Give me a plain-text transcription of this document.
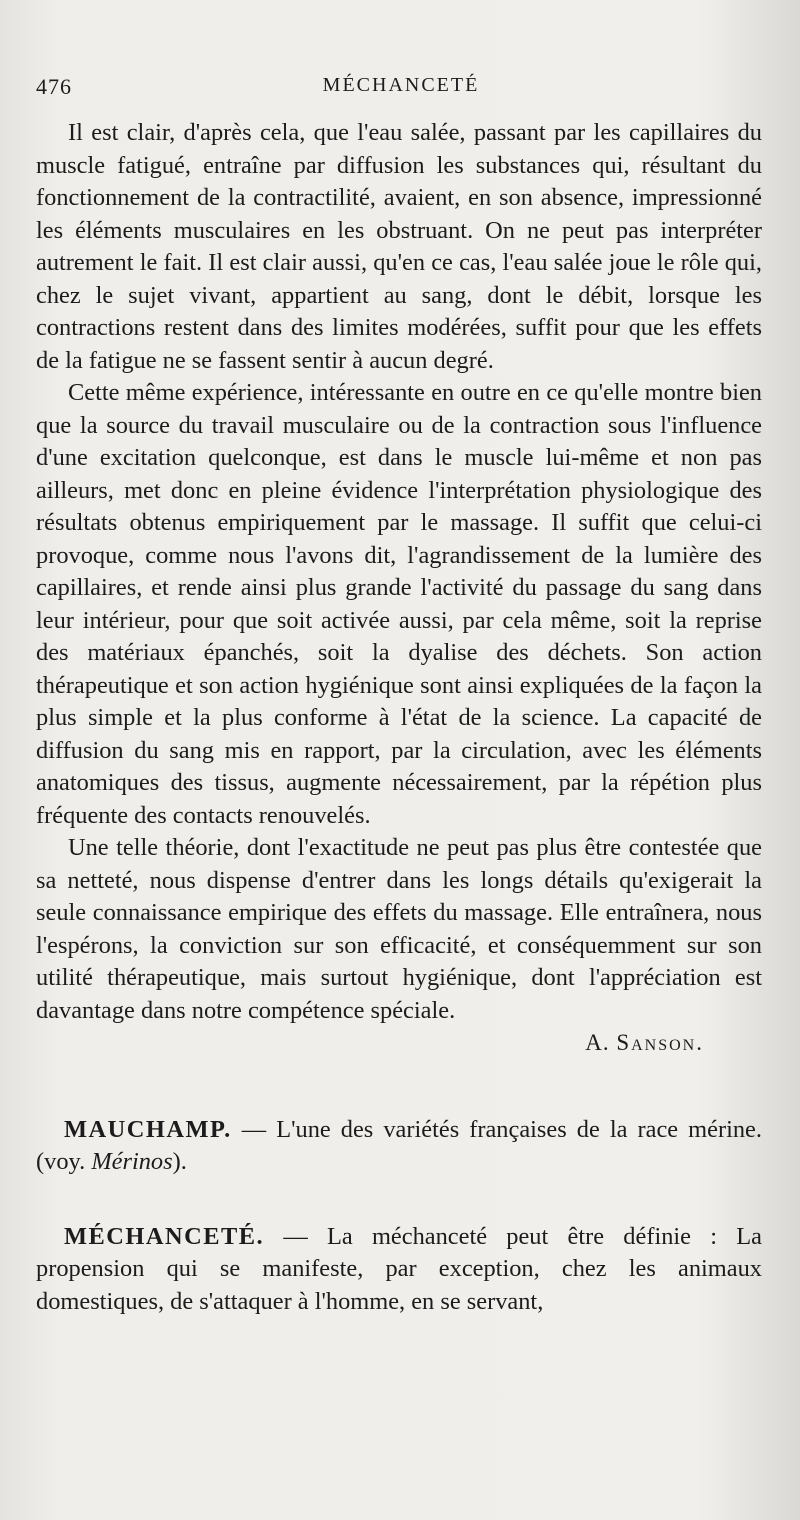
476	MÉCHANCETÉ

Il est clair, d'après cela, que l'eau salée, passant par les capillaires du muscle fatigué, entraîne par diffusion les substances qui, résultant du fonctionnement de la contractilité, avaient, en son absence, impressionné les éléments musculaires en les obstruant. On ne peut pas interpréter autrement le fait. Il est clair aussi, qu'en ce cas, l'eau salée joue le rôle qui, chez le sujet vivant, appartient au sang, dont le débit, lorsque les contractions restent dans des limites modérées, suffit pour que les effets de la fatigue ne se fassent sentir à aucun degré.

Cette même expérience, intéressante en outre en ce qu'elle montre bien que la source du travail musculaire ou de la contraction sous l'influence d'une excitation quelconque, est dans le muscle lui-même et non pas ailleurs, met donc en pleine évidence l'interprétation physiologique des résultats obtenus empiriquement par le massage. Il suffit que celui-ci provoque, comme nous l'avons dit, l'agrandissement de la lumière des capillaires, et rende ainsi plus grande l'activité du passage du sang dans leur intérieur, pour que soit activée aussi, par cela même, soit la reprise des matériaux épanchés, soit la dyalise des déchets. Son action thérapeutique et son action hygiénique sont ainsi expliquées de la façon la plus simple et la plus conforme à l'état de la science. La capacité de diffusion du sang mis en rapport, par la circulation, avec les éléments anatomiques des tissus, augmente nécessairement, par la répétion plus fréquente des contacts renouvelés.

Une telle théorie, dont l'exactitude ne peut pas plus être contestée que sa netteté, nous dispense d'entrer dans les longs détails qu'exigerait la seule connaissance empirique des effets du massage. Elle entraînera, nous l'espérons, la conviction sur son efficacité, et conséquemment sur son utilité thérapeutique, mais surtout hygiénique, dont l'appréciation est davantage dans notre compétence spéciale.

A. Sanson.

MAUCHAMP. — L'une des variétés françaises de la race mérine. (voy. Mérinos).

MÉCHANCETÉ. — La méchanceté peut être définie : La propension qui se manifeste, par exception, chez les animaux domestiques, de s'attaquer à l'homme, en se servant,
